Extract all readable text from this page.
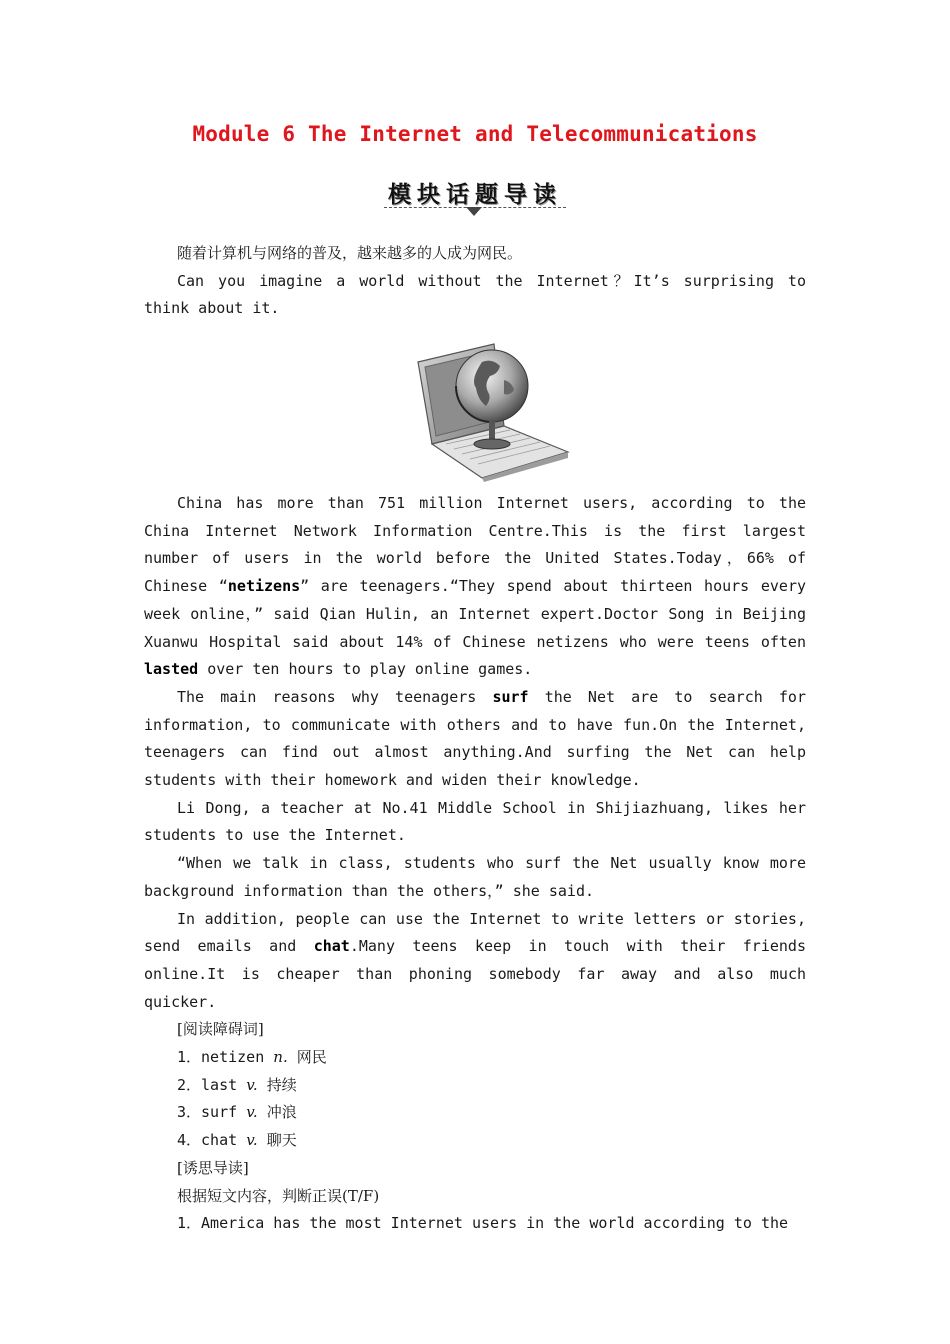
Module 6 The Internet and Telecommunications
模块话题导读

随着计算机与网络的普及，越来越多的人成为网民。

Can you imagine a world without the Internet？It’s surprising to think about it.

China has more than 751 million Internet users, according to the China Internet Network Information Centre.This is the first largest number of users in the world before the United States.Today，66% of Chinese “netizens” are teenagers.“They spend about thirteen hours every week online，” said Qian Hulin, an Internet expert.Doctor Song in Beijing Xuanwu Hospital said about 14% of Chinese netizens who were teens often lasted over ten hours to play online games.

The main reasons why teenagers surf the Net are to search for information, to communicate with others and to have fun.On the Internet, teenagers can find out almost anything.And surfing the Net can help students with their homework and widen their knowledge.

Li Dong, a teacher at No.41 Middle School in Shijiazhuang, likes her students to use the Internet.

“When we talk in class, students who surf the Net usually know more background information than the others，” she said.

In addition, people can use the Internet to write letters or stories, send emails and chat.Many teens keep in touch with their friends online.It is cheaper than phoning somebody far away and also much quicker.

[阅读障碍词]

1．netizen n. 网民

2．last v. 持续

3．surf v. 冲浪

4．chat v. 聊天

[诱思导读]

根据短文内容，判断正误(T/F)

1．America has the most Internet users in the world according to the
